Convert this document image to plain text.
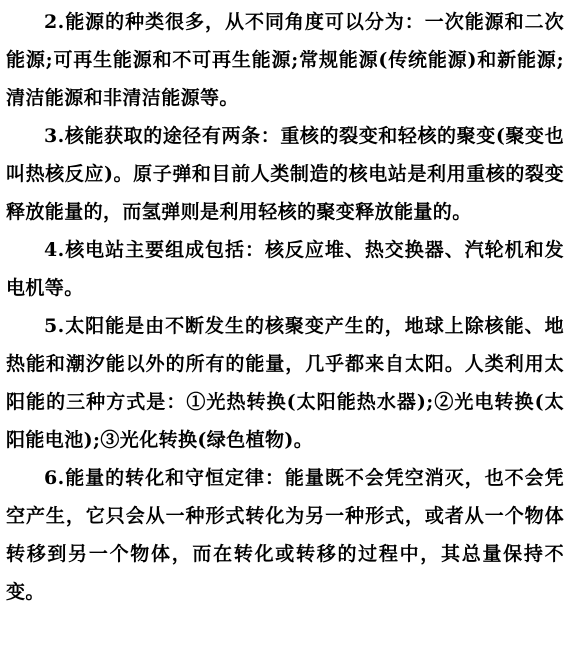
2.能源的种类很多，从不同角度可以分为：一次能源和二次能源;可再生能源和不可再生能源;常规能源(传统能源)和新能源;清洁能源和非清洁能源等。

3.核能获取的途径有两条：重核的裂变和轻核的聚变(聚变也叫热核反应)。原子弹和目前人类制造的核电站是利用重核的裂变释放能量的，而氢弹则是利用轻核的聚变释放能量的。

4.核电站主要组成包括：核反应堆、热交换器、汽轮机和发电机等。

5.太阳能是由不断发生的核聚变产生的，地球上除核能、地热能和潮汐能以外的所有的能量，几乎都来自太阳。人类利用太阳能的三种方式是：①光热转换(太阳能热水器);②光电转换(太阳能电池);③光化转换(绿色植物)。

6.能量的转化和守恒定律：能量既不会凭空消灭，也不会凭空产生，它只会从一种形式转化为另一种形式，或者从一个物体转移到另一个物体，而在转化或转移的过程中，其总量保持不变。
